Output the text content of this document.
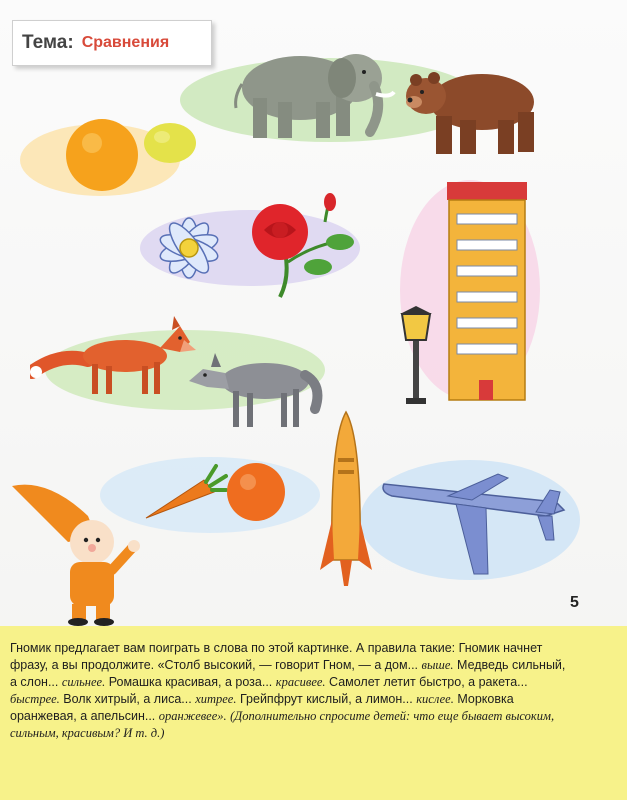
Тема: Сравнения
5
Гномик предлагает вам поиграть в слова по этой картинке. А правила такие: Гномик начнет фразу, а вы продолжите. «Столб высокий, — говорит Гном, — а дом... выше. Медведь сильный, а слон... сильнее. Ромашка красивая, а роза... красивее. Самолет летит быстро, а ракета... быстрее. Волк хитрый, а лиса... хитрее. Грейпфрут кислый, а лимон... кислее. Морковка оранжевая, а апельсин... оранжевее». (Дополнительно спросите детей: что еще бывает высоким, сильным, красивым? И т. д.)
